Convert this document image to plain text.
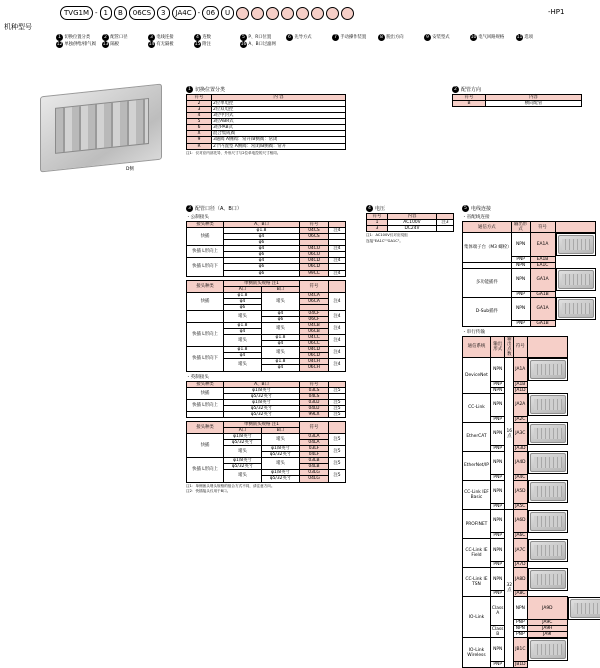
机种型号
TVG1M - 1	B	06CS	3	JA4C - 06	U	-HP1
1 切换位置分类	2 配管口径	3 电线连接	4 连数	5 P、R口位置	6 先导方式	7 手动操作装置	8 脱出方向	9 安装型式	10 电气回路规格	11 选项
12 单独供给/排气阀	13 隔板	14 有无隔板	15 附注	16 A、B口过滤网
D侧
1 切换位置分类
符号	内 容
2	2位单电控
3	2位双电控
4	3位中封式
5	3位ABR式
6	3位PAB式
X	混合集成阀
9	3通阀 A侧阀：常开/B侧阀：常闭
R	2个内置型 A侧阀：常闭/B侧阀：常开
注1：仅对应内部先导、外形尺寸与2位单电控的尺寸相同。
2 配管方向
符号	内容
B	横向配管
3 配管口径（A、B口）
・公制接头
接头种类	A、B口	符号	
快插	φ1.8	04CS	注4
	φ4	06CS	
	φ6		
快插 L形向上	φ4	04CU	注4
	φ6	06CU	
快插 L形向下	φ4	04CD	注4
	φ6	06CD	
	φ6	99CC	注4
接头种类	单侧嵌头规格 注1		符号	
	A口	B口		
快插	φ1.8	堵头	04CA	注4
	φ4		06CA	
	φ6			
	堵头	φ4	04CF	注4
		φ6	06CF	
快插 L形向上	φ1.8	堵头	04CB	注4
	φ4		06CB	
	堵头	φ1.8	04CC	注4
		φ4	06CC	
快插 L形向下	φ1.8	堵头	04CD	注4
	φ4		06CD	
	堵头	φ1.8	04CH	注4
		φ4	06CH	
・英制接头
接头种类	A、B口	符号	
快插	φ1/8英寸	03LS	注5
	φ5/32英寸	04LS	
快插 L形向上	φ1/8英寸	03LU	注5
	φ5/32英寸	04LU	注5
	φ5/32英寸	99LX	注5
接头种类	单侧嵌头规格 注1		符号	
	A口	B口		
快插	φ1/8英寸	堵头	03LA	注5
	φ5/32英寸		04LA	
	堵头	φ1/8英寸	03LF	注5
		φ5/32英寸	04LF	
快插 L形向上	φ1/8英寸	堵头	03LB	注5
	φ5/32英寸		04LB	
	堵头	φ1/8英寸	03LG	注5
		φ5/32英寸	04LG	
注1：单侧嵌头堵头规格的组合方式不同，请注意方向。
注2：快插接头仅用于B口。
4 电压
符号	内容	
1	AC100V	注3
3	DC24V	
注1：AC100V仅对应绕组
连接"EA1C""GA1C"。
5 电线连接
・省配线连接
通信方式	输出形式	符号	
集体端子台（M3 螺栓）	NPN	EA1A	

	PNP	EA1B	
	NPN	EA1C	
多功能插件	NPN	GA1A	

	PNP	GA1B	
D-Sub插件	NPN	GA1A	

	PNP	GA1B	
・串行传输
通信系统	输出形式	输出点数	符号	
DeviceNet	NPN	16点	JA1A	

	PNP		JA1B	
	NPN		JA1D	
CC-Link	NPN		JA2A	

	PNP		JA2C	
EtherCAT	NPN		JA3C	

	PNP		JA3D	
EtherNet/IP	NPN		JA4D	

	PNP		JA4C	
CC-Link IEF Basic	NPN		JA5D	

	PNP		JA5C	
PROFINET	NPN	32点	JA6D	

	PNP		JA6C	
CC-Link IE Field	NPN		JA7C	

	PNP		JA7D	
CC-Link IE TSN	NPN		JA8D	

	PNP		JA8C	
IO-Link	Class A		NPN	JA9D	

			PNP	JA9C
	Class B		NPN	JA9H
			PNP	JA9I
IO-Link Wireless	NPN		JB1C	

	PNP		JB1D	
